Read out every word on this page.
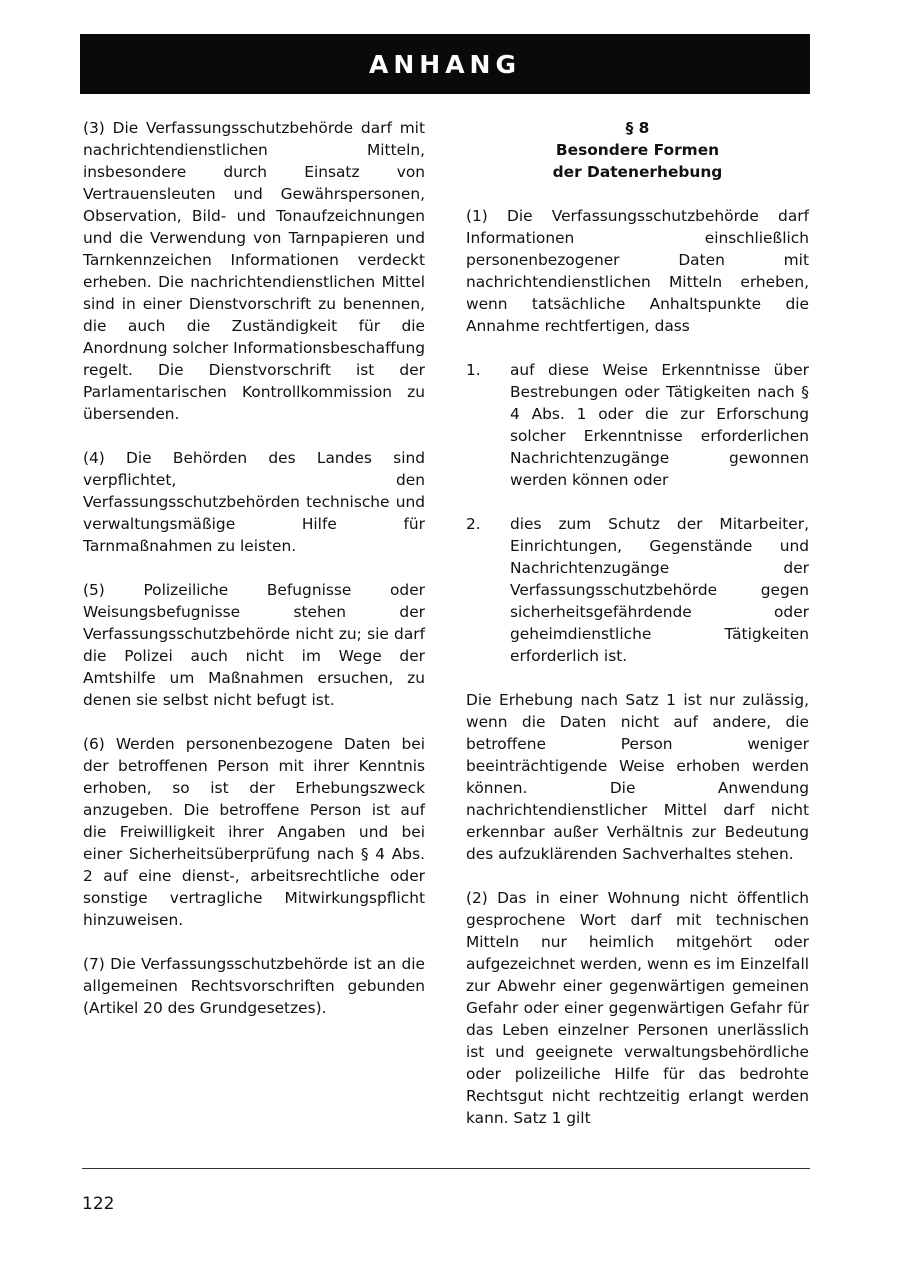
ANHANG

(3) Die Verfassungsschutzbehörde darf mit nachrichtendienstlichen Mitteln, insbesondere durch Einsatz von Vertrauensleuten und Gewährspersonen, Observation, Bild- und Tonaufzeichnungen und die Verwendung von Tarnpapieren und Tarnkennzeichen Informationen verdeckt erheben. Die nachrichtendienstlichen Mittel sind in einer Dienstvorschrift zu benennen, die auch die Zuständigkeit für die Anordnung solcher Informationsbeschaffung regelt. Die Dienstvorschrift ist der Parlamentarischen Kontrollkommission zu übersenden.

(4) Die Behörden des Landes sind verpflichtet, den Verfassungsschutzbehörden technische und verwaltungsmäßige Hilfe für Tarnmaßnahmen zu leisten.

(5) Polizeiliche Befugnisse oder Weisungsbefugnisse stehen der Verfassungsschutzbehörde nicht zu; sie darf die Polizei auch nicht im Wege der Amtshilfe um Maßnahmen ersuchen, zu denen sie selbst nicht befugt ist.

(6) Werden personenbezogene Daten bei der betroffenen Person mit ihrer Kenntnis erhoben, so ist der Erhebungszweck anzugeben. Die betroffene Person ist auf die Freiwilligkeit ihrer Angaben und bei einer Sicherheitsüberprüfung nach § 4 Abs. 2 auf eine dienst-, arbeitsrechtliche oder sonstige vertragliche Mitwirkungspflicht hinzuweisen.

(7) Die Verfassungsschutzbehörde ist an die allgemeinen Rechtsvorschriften gebunden (Artikel 20 des Grundgesetzes).

§ 8
Besondere Formen
der Datenerhebung

(1) Die Verfassungsschutzbehörde darf Informationen einschließlich personenbezogener Daten mit nachrichtendienstlichen Mitteln erheben, wenn tatsächliche Anhaltspunkte die Annahme rechtfertigen, dass

1.	auf diese Weise Erkenntnisse über Bestrebungen oder Tätigkeiten nach § 4 Abs. 1 oder die zur Erforschung solcher Erkenntnisse erforderlichen Nachrichtenzugänge gewonnen werden können oder
2.	dies zum Schutz der Mitarbeiter, Einrichtungen, Gegenstände und Nachrichtenzugänge der Verfassungsschutzbehörde gegen sicherheitsgefährdende oder geheimdienstliche Tätigkeiten erforderlich ist.

Die Erhebung nach Satz 1 ist nur zulässig, wenn die Daten nicht auf andere, die betroffene Person weniger beeinträchtigende Weise erhoben werden können. Die Anwendung nachrichtendienstlicher Mittel darf nicht erkennbar außer Verhältnis zur Bedeutung des aufzuklärenden Sachverhaltes stehen.

(2) Das in einer Wohnung nicht öffentlich gesprochene Wort darf mit technischen Mitteln nur heimlich mitgehört oder aufgezeichnet werden, wenn es im Einzelfall zur Abwehr einer gegenwärtigen gemeinen Gefahr oder einer gegenwärtigen Gefahr für das Leben einzelner Personen unerlässlich ist und geeignete verwaltungsbehördliche oder polizeiliche Hilfe für das bedrohte Rechtsgut nicht rechtzeitig erlangt werden kann. Satz 1 gilt

122
